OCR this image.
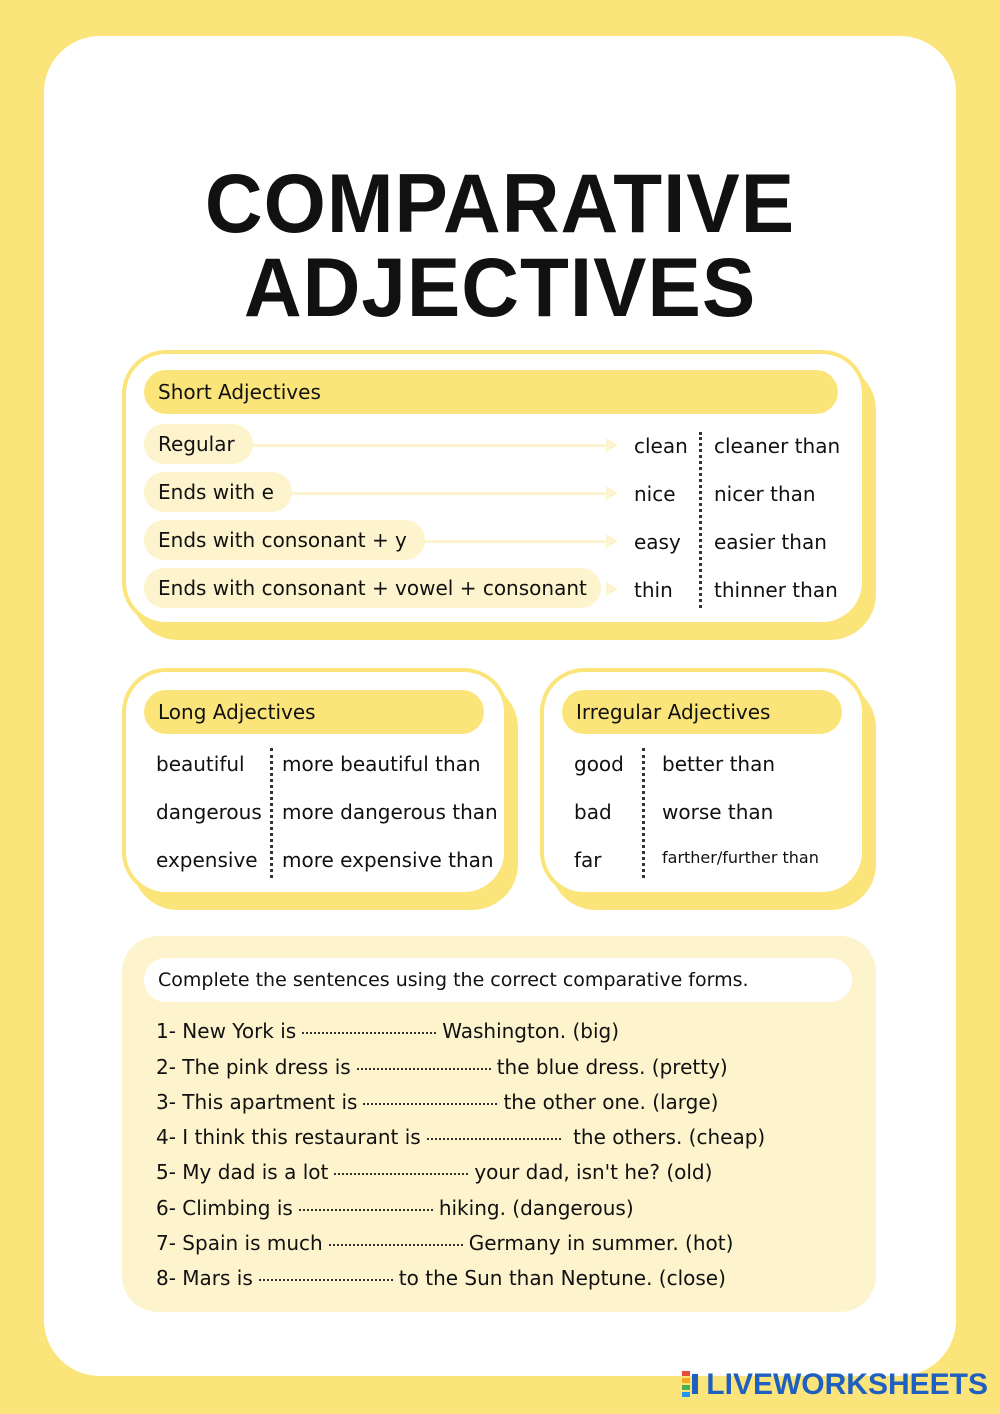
COMPARATIVE
ADJECTIVES
Short Adjectives
Regular	clean cleaner than
Ends with e	nice nicer than
Ends with consonant + y	easy easier than
Ends with consonant + vowel + consonant	thin thinner than
Long Adjectives
beautiful more beautiful than
dangerous more dangerous than
expensive more expensive than
Irregular Adjectives
good better than
bad	worse than
far	farther/further than
Complete the sentences using the correct comparative forms.
1- New York is	Washington. (big)
2- The pink dress is	the blue dress. (pretty)
3- This apartment is	the other one. (large)
4- I think this restaurant is	the others. (cheap)
5- My dad is a lot	your dad, isn't he? (old)
6- Climbing is	hiking. (dangerous)
7- Spain is much	Germany in summer. (hot)
8- Mars is	to the Sun than Neptune. (close)
LIVEWORKSHEETS
